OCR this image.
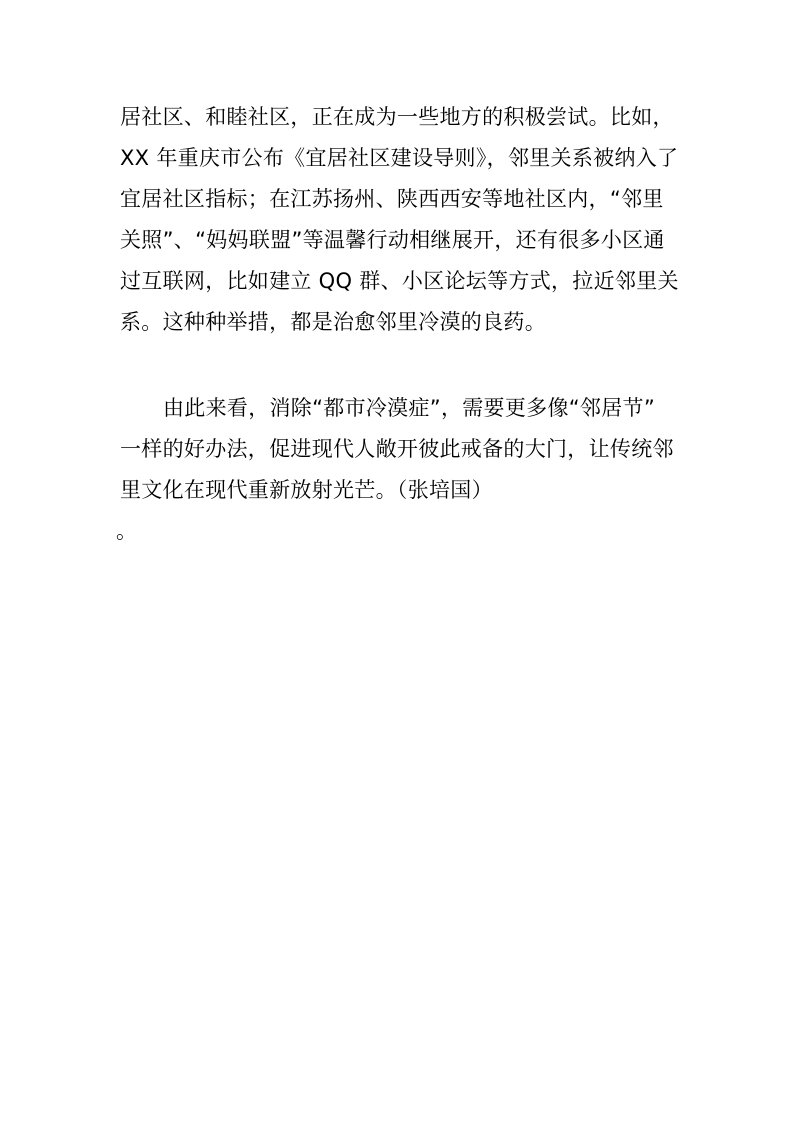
居社区、和睦社区，正在成为一些地方的积极尝试。比如，
XX 年重庆市公布《宜居社区建设导则》，邻里关系被纳入了
宜居社区指标；在江苏扬州、陕西西安等地社区内，“邻里
关照”、“妈妈联盟”等温馨行动相继展开，还有很多小区通
过互联网，比如建立 QQ 群、小区论坛等方式，拉近邻里关
系。这种种举措，都是治愈邻里冷漠的良药。
由此来看，消除“都市冷漠症”，需要更多像“邻居节”
一样的好办法，促进现代人敞开彼此戒备的大门，让传统邻
里文化在现代重新放射光芒。（张培国）
。
